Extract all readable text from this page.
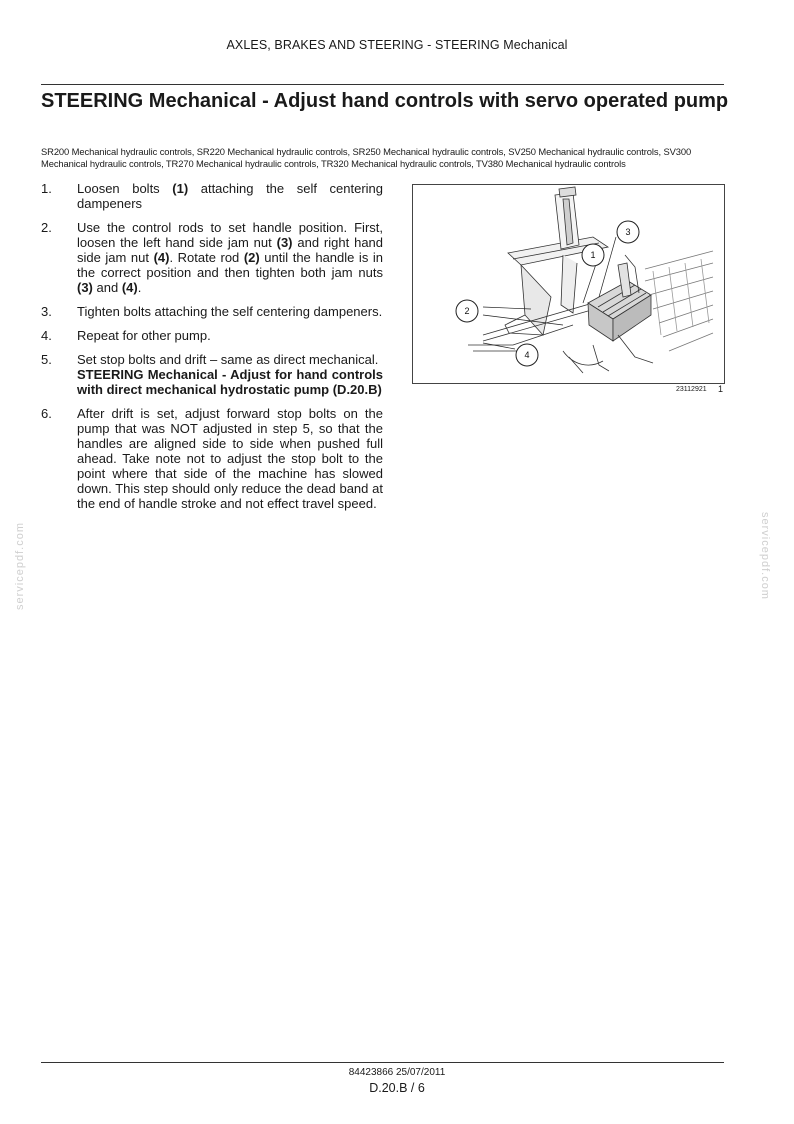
AXLES, BRAKES AND STEERING - STEERING Mechanical
STEERING Mechanical - Adjust hand controls with servo operated pump
SR200 Mechanical hydraulic controls, SR220 Mechanical hydraulic controls, SR250 Mechanical hydraulic controls, SV250 Mechanical hydraulic controls, SV300 Mechanical hydraulic controls, TR270 Mechanical hydraulic controls, TR320 Mechanical hydraulic controls, TV380 Mechanical hydraulic controls
1.	Loosen bolts (1) attaching the self centering dampeners
2.	Use the control rods to set handle position. First, loosen the left hand side jam nut (3) and right hand side jam nut (4). Rotate rod (2) until the handle is in the correct position and then tighten both jam nuts (3) and (4).
3.	Tighten bolts attaching the self centering dampeners.
4.	Repeat for other pump.
5.	Set stop bolts and drift – same as direct mechanical.
STEERING Mechanical - Adjust for hand controls with direct mechanical hydrostatic pump (D.20.B)
6.	After drift is set, adjust forward stop bolts on the pump that was NOT adjusted in step 5, so that the handles are aligned side to side when pushed full ahead. Take note not to adjust the stop bolt to the point where that side of the machine has slowed down. This step should only reduce the dead band at the end of handle stroke and not effect travel speed.
1
2
3
4
23112921 1
servicepdf.com	servicepdf.com
84423866 25/07/2011
D.20.B / 6
